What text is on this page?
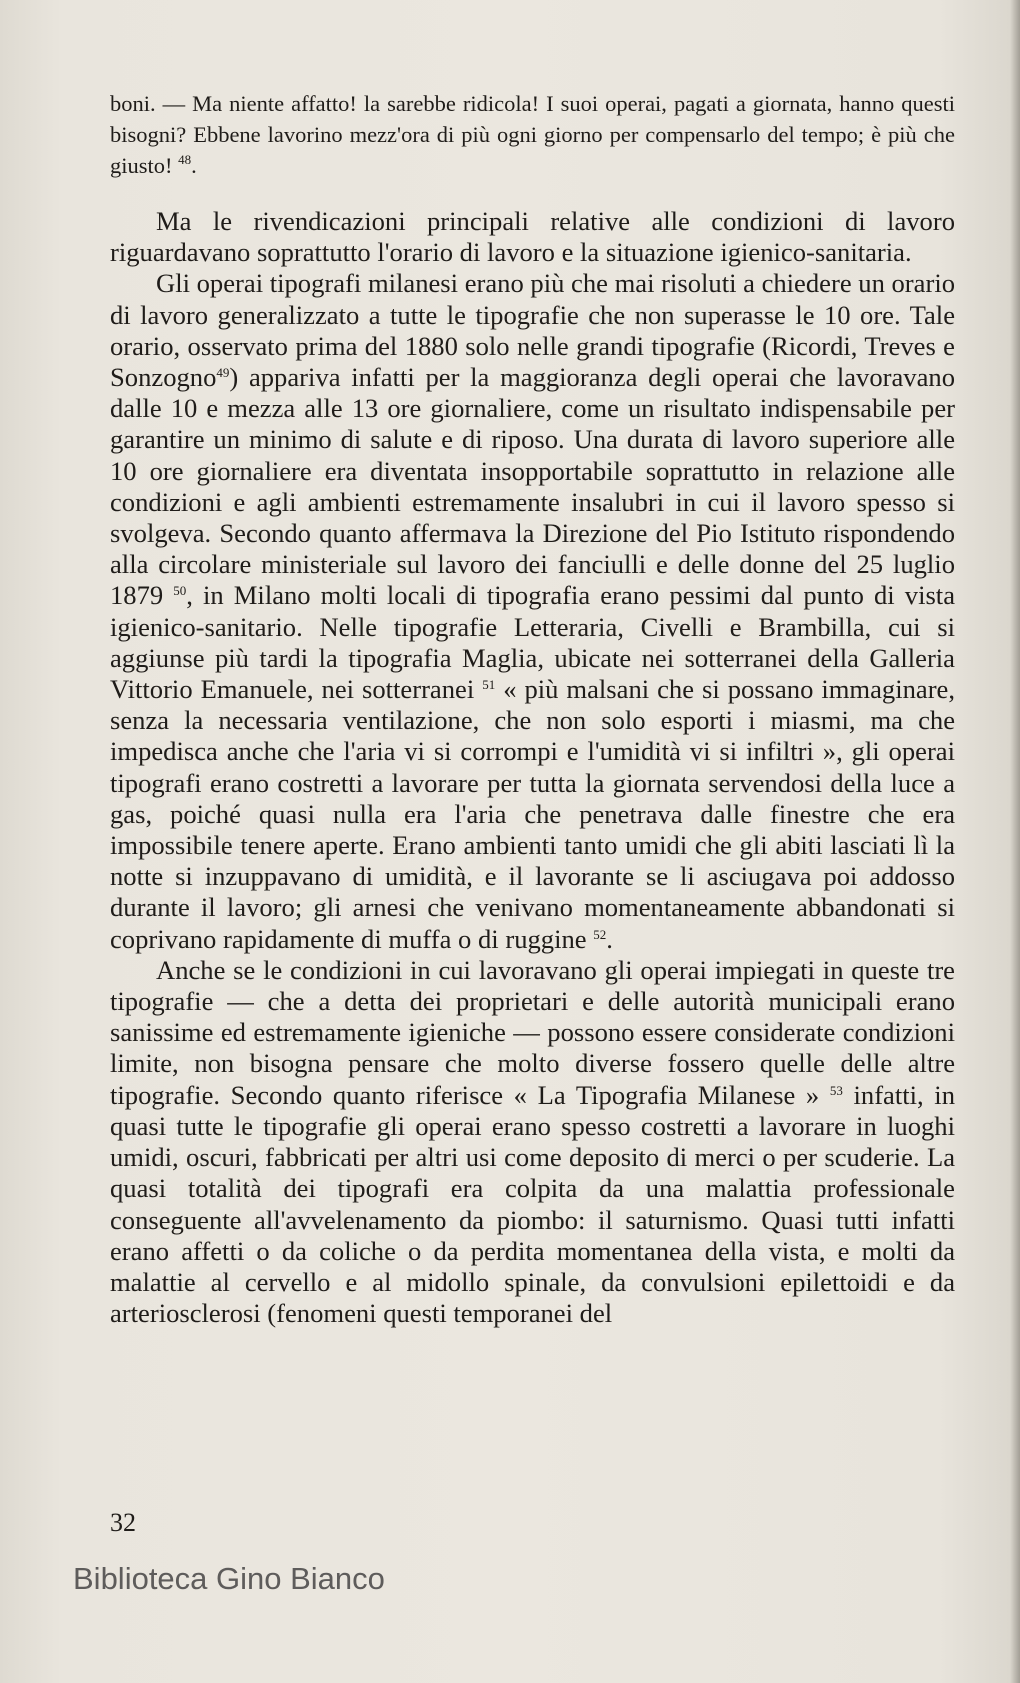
boni. — Ma niente affatto! la sarebbe ridicola! I suoi operai, pagati a giornata, hanno questi bisogni? Ebbene lavorino mezz'ora di più ogni giorno per compensarlo del tempo; è più che giusto! $^{48}$.

Ma le rivendicazioni principali relative alle condizioni di lavoro riguardavano soprattutto l'orario di lavoro e la situazione igienico-sanitaria.

Gli operai tipografi milanesi erano più che mai risoluti a chiedere un orario di lavoro generalizzato a tutte le tipografie che non superasse le 10 ore. Tale orario, osservato prima del 1880 solo nelle grandi tipografie (Ricordi, Treves e Sonzogno$^{49}$) appariva infatti per la maggioranza degli operai che lavoravano dalle 10 e mezza alle 13 ore giornaliere, come un risultato indispensabile per garantire un minimo di salute e di riposo. Una durata di lavoro superiore alle 10 ore giornaliere era diventata insopportabile soprattutto in relazione alle condizioni e agli ambienti estremamente insalubri in cui il lavoro spesso si svolgeva. Secondo quanto affermava la Direzione del Pio Istituto rispondendo alla circolare ministeriale sul lavoro dei fanciulli e delle donne del 25 luglio 1879 $^{50}$, in Milano molti locali di tipografia erano pessimi dal punto di vista igienico-sanitario. Nelle tipografie Letteraria, Civelli e Brambilla, cui si aggiunse più tardi la tipografia Maglia, ubicate nei sotterranei della Galleria Vittorio Emanuele, nei sotterranei $^{51}$ « più malsani che si possano immaginare, senza la necessaria ventilazione, che non solo esporti i miasmi, ma che impedisca anche che l'aria vi si corrompi e l'umidità vi si infiltri », gli operai tipografi erano costretti a lavorare per tutta la giornata servendosi della luce a gas, poiché quasi nulla era l'aria che penetrava dalle finestre che era impossibile tenere aperte. Erano ambienti tanto umidi che gli abiti lasciati lì la notte si inzuppavano di umidità, e il lavorante se li asciugava poi addosso durante il lavoro; gli arnesi che venivano momentaneamente abbandonati si coprivano rapidamente di muffa o di ruggine $^{52}$.

Anche se le condizioni in cui lavoravano gli operai impiegati in queste tre tipografie — che a detta dei proprietari e delle autorità municipali erano sanissime ed estremamente igieniche — possono essere considerate condizioni limite, non bisogna pensare che molto diverse fossero quelle delle altre tipografie. Secondo quanto riferisce « La Tipografia Milanese » $^{53}$ infatti, in quasi tutte le tipografie gli operai erano spesso costretti a lavorare in luoghi umidi, oscuri, fabbricati per altri usi come deposito di merci o per scuderie. La quasi totalità dei tipografi era colpita da una malattia professionale conseguente all'avvelenamento da piombo: il saturnismo. Quasi tutti infatti erano affetti o da coliche o da perdita momentanea della vista, e molti da malattie al cervello e al midollo spinale, da convulsioni epilettoidi e da arteriosclerosi (fenomeni questi temporanei del

32
Biblioteca Gino Bianco
